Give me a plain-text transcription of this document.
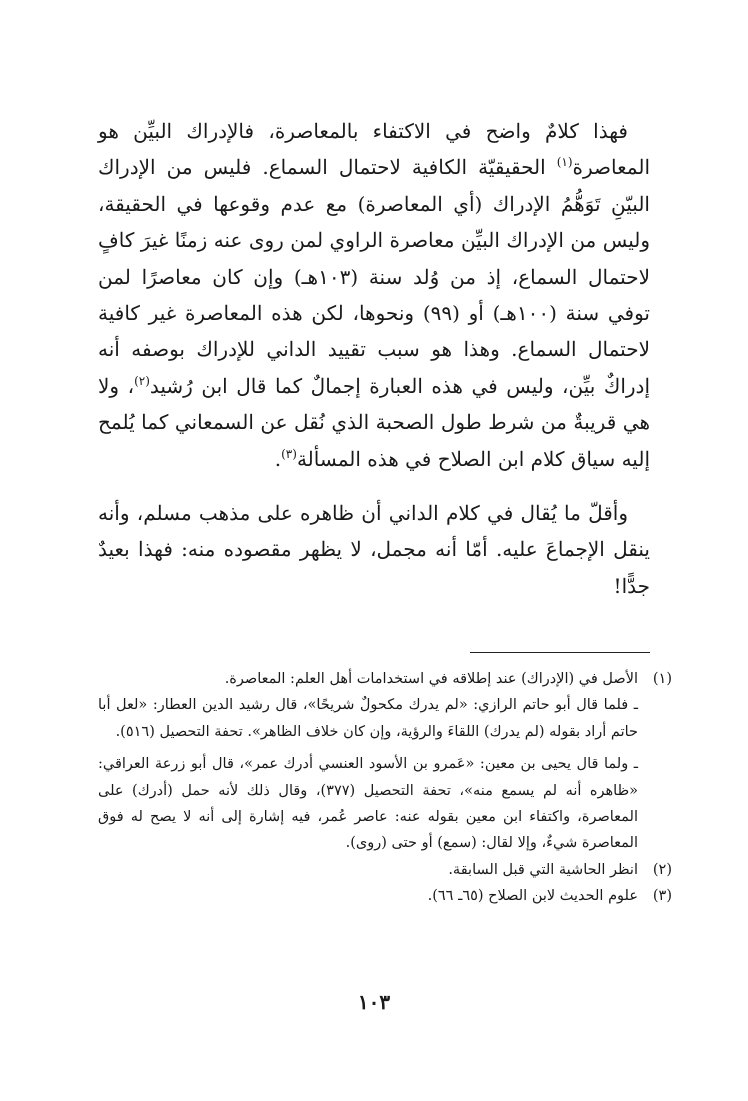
فهذا كلامٌ واضح في الاكتفاء بالمعاصرة، فالإدراك البيِّن هو المعاصرة$^{(١)}$ الحقيقيّة الكافية لاحتمال السماع. فليس من الإدراك البيّنِ تَوَهُّمُ الإدراك (أي المعاصرة) مع عدم وقوعها في الحقيقة، وليس من الإدراك البيِّن معاصرة الراوي لمن روى عنه زمنًا غيرَ كافٍ لاحتمال السماع، إذ من وُلد سنة (١٠٣هـ) وإن كان معاصرًا لمن توفي سنة (١٠٠هـ) أو (٩٩) ونحوها، لكن هذه المعاصرة غير كافية لاحتمال السماع. وهذا هو سبب تقييد الداني للإدراك بوصفه أنه إدراكٌ بيِّن، وليس في هذه العبارة إجمالٌ كما قال ابن رُشيد$^{(٢)}$، ولا هي قريبةٌ من شرط طول الصحبة الذي نُقل عن السمعاني كما يُلمح إليه سياق كلام ابن الصلاح في هذه المسألة$^{(٣)}$.

وأقلّ ما يُقال في كلام الداني أن ظاهره على مذهب مسلم، وأنه ينقل الإجماعَ عليه. أمّا أنه مجمل، لا يظهر مقصوده منه: فهذا بعيدٌ جدًّا!

(١)

الأصل في (الإدراك) عند إطلاقه في استخدامات أهل العلم: المعاصرة.

ـ فلما قال أبو حاتم الرازي: «لم يدرك مكحولٌ شريحًا»، قال رشيد الدين العطار: «لعل أبا حاتم أراد بقوله (لم يدرك) اللقاءَ والرؤية، وإن كان خلاف الظاهر». تحفة التحصيل (٥١٦).

ـ ولما قال يحيى بن معين: «عَمرو بن الأسود العنسي أدرك عمر»، قال أبو زرعة العراقي: «ظاهره أنه لم يسمع منه»، تحفة التحصيل (٣٧٧)، وقال ذلك لأنه حمل (أدرك) على المعاصرة، واكتفاء ابن معين بقوله عنه: عاصر عُمر، فيه إشارة إلى أنه لا يصح له فوق المعاصرة شيءٌ، وإلا لقال: (سمع) أو حتى (روى).

(٢)

انظر الحاشية التي قبل السابقة.

(٣)

علوم الحديث لابن الصلاح (٦٥ـ ٦٦).

١٠٣
